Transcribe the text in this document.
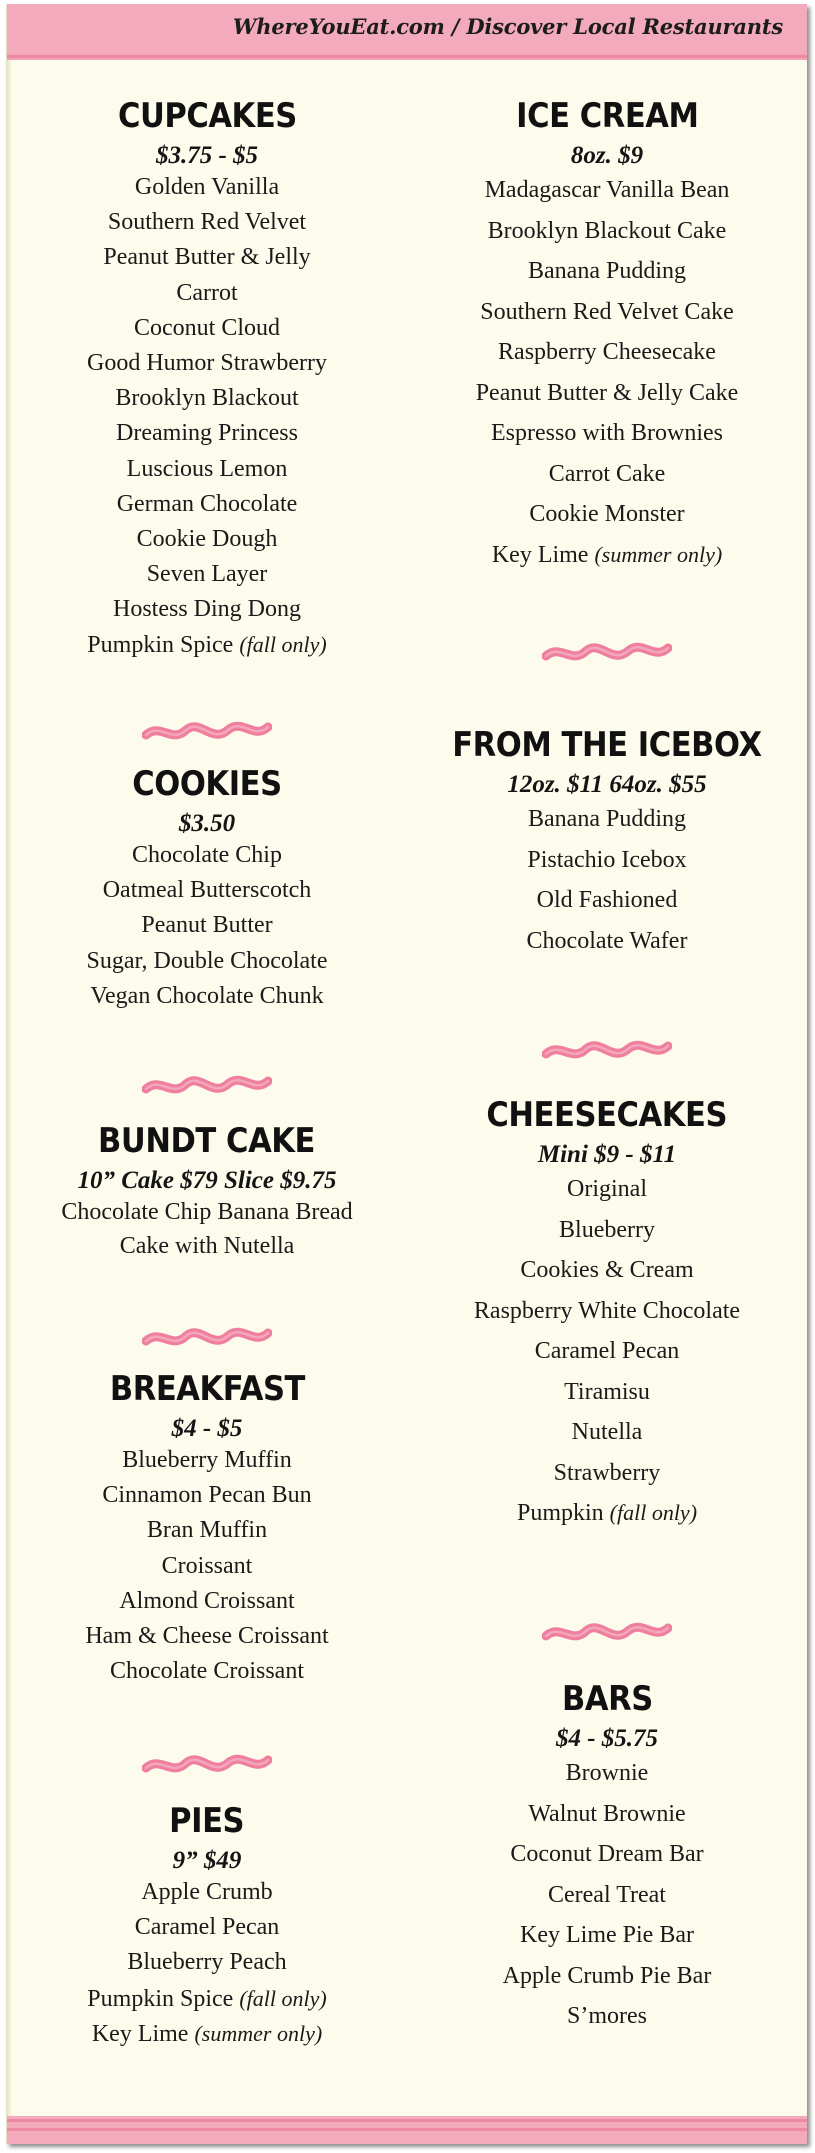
WhereYouEat.com / Discover Local Restaurants
CUPCAKES
$3.75 - $5
Golden Vanilla
Southern Red Velvet
Peanut Butter & Jelly
Carrot
Coconut Cloud
Good Humor Strawberry
Brooklyn Blackout
Dreaming Princess
Luscious Lemon
German Chocolate
Cookie Dough
Seven Layer
Hostess Ding Dong
Pumpkin Spice (fall only)
COOKIES
$3.50
Chocolate Chip
Oatmeal Butterscotch
Peanut Butter
Sugar, Double Chocolate
Vegan Chocolate Chunk
BUNDT CAKE
10” Cake $79 Slice $9.75
Chocolate Chip Banana Bread
Cake with Nutella
BREAKFAST
$4 - $5
Blueberry Muffin
Cinnamon Pecan Bun
Bran Muffin
Croissant
Almond Croissant
Ham & Cheese Croissant
Chocolate Croissant
PIES
9” $49
Apple Crumb
Caramel Pecan
Blueberry Peach
Pumpkin Spice (fall only)
Key Lime (summer only)
ICE CREAM
8oz. $9
Madagascar Vanilla Bean
Brooklyn Blackout Cake
Banana Pudding
Southern Red Velvet Cake
Raspberry Cheesecake
Peanut Butter & Jelly Cake
Espresso with Brownies
Carrot Cake
Cookie Monster
Key Lime (summer only)
FROM THE ICEBOX
12oz. $11 64oz. $55
Banana Pudding
Pistachio Icebox
Old Fashioned
Chocolate Wafer
CHEESECAKES
Mini $9 - $11
Original
Blueberry
Cookies & Cream
Raspberry White Chocolate
Caramel Pecan
Tiramisu
Nutella
Strawberry
Pumpkin (fall only)
BARS
$4 - $5.75
Brownie
Walnut Brownie
Coconut Dream Bar
Cereal Treat
Key Lime Pie Bar
Apple Crumb Pie Bar
S’mores
